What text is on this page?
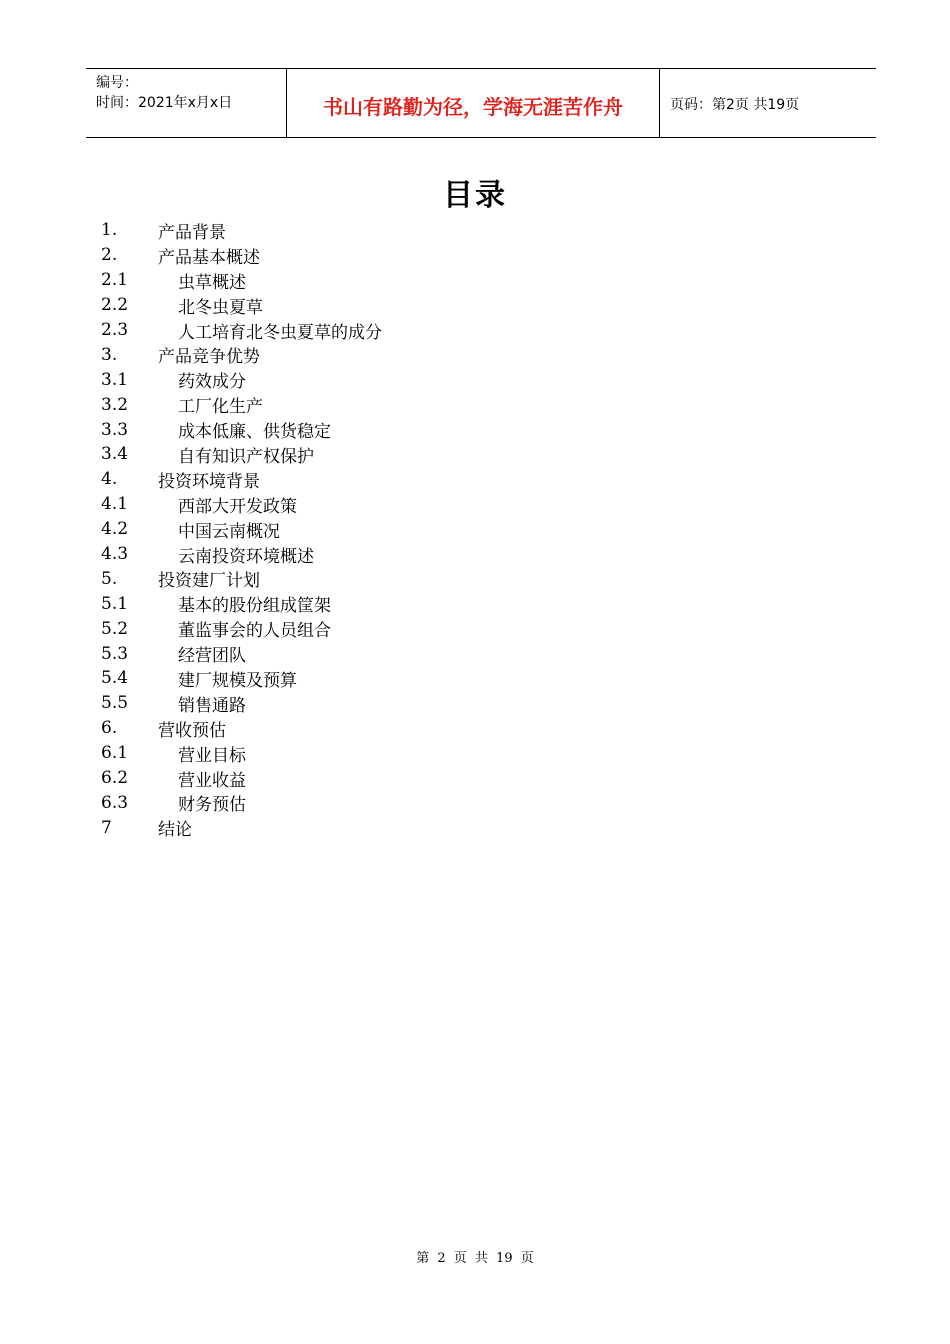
编号：
时间：2021年x月x日	书山有路勤为径，学海无涯苦作舟	页码：第2页 共19页
目录
1.	产品背景
2.	产品基本概述
2.1	虫草概述
2.2	北冬虫夏草
2.3	人工培育北冬虫夏草的成分
3.	产品竞争优势
3.1	药效成分
3.2	工厂化生产
3.3	成本低廉、供货稳定
3.4	自有知识产权保护
4.	投资环境背景
4.1	西部大开发政策
4.2	中国云南概况
4.3	云南投资环境概述
5.	投资建厂计划
5.1	基本的股份组成筐架
5.2	董监事会的人员组合
5.3	经营团队
5.4	建厂规模及预算
5.5	销售通路
6.	营收预估
6.1	营业目标
6.2	营业收益
6.3	财务预估
7	结论
第 2 页 共 19 页
